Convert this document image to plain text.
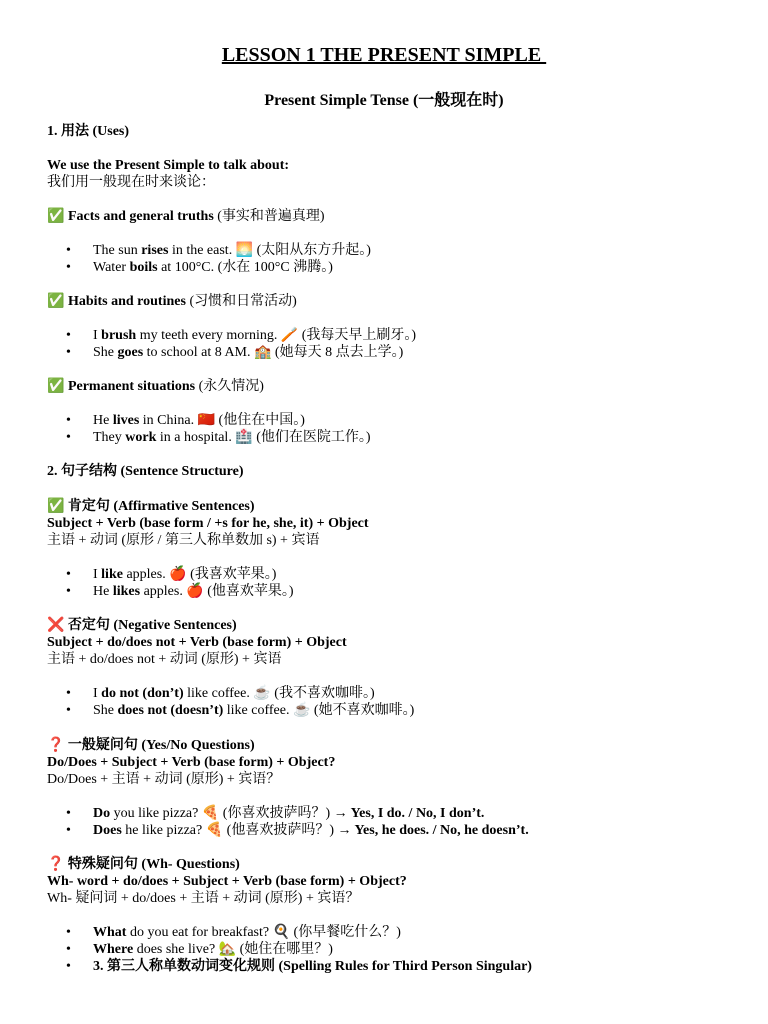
LESSON 1 THE PRESENT SIMPLE
Present Simple Tense (一般现在时)
1. 用法 (Uses)
We use the Present Simple to talk about:
我们用一般现在时来谈论：
✅ Facts and general truths (事实和普遍真理)
• The sun rises in the east. 🌅 (太阳从东方升起。)
• Water boils at 100°C. (水在 100°C 沸腾。)
✅ Habits and routines (习惯和日常活动)
• I brush my teeth every morning. 🪥 (我每天早上刷牙。)
• She goes to school at 8 AM. 🏫 (她每天 8 点去上学。)
✅ Permanent situations (永久情况)
• He lives in China. 🇨🇳 (他住在中国。)
• They work in a hospital. 🏥 (他们在医院工作。)
2. 句子结构 (Sentence Structure)
✅ 肯定句 (Affirmative Sentences)
Subject + Verb (base form / +s for he, she, it) + Object
主语 + 动词 (原形 / 第三人称单数加 s) + 宾语
• I like apples. 🍎 (我喜欢苹果。)
• He likes apples. 🍎 (他喜欢苹果。)
❌ 否定句 (Negative Sentences)
Subject + do/does not + Verb (base form) + Object
主语 + do/does not + 动词 (原形) + 宾语
• I do not (don’t) like coffee. ☕ (我不喜欢咖啡。)
• She does not (doesn’t) like coffee. ☕ (她不喜欢咖啡。)
❓ 一般疑问句 (Yes/No Questions)
Do/Does + Subject + Verb (base form) + Object?
Do/Does + 主语 + 动词 (原形) + 宾语？
• Do you like pizza? 🍕 (你喜欢披萨吗？) → Yes, I do. / No, I don’t.
• Does he like pizza? 🍕 (他喜欢披萨吗？) → Yes, he does. / No, he doesn’t.
❓ 特殊疑问句 (Wh- Questions)
Wh- word + do/does + Subject + Verb (base form) + Object?
Wh- 疑问词 + do/does + 主语 + 动词 (原形) + 宾语？
• What do you eat for breakfast? 🍳 (你早餐吃什么？)
• Where does she live? 🏡 (她住在哪里？)
• 3. 第三人称单数动词变化规则 (Spelling Rules for Third Person Singular)
